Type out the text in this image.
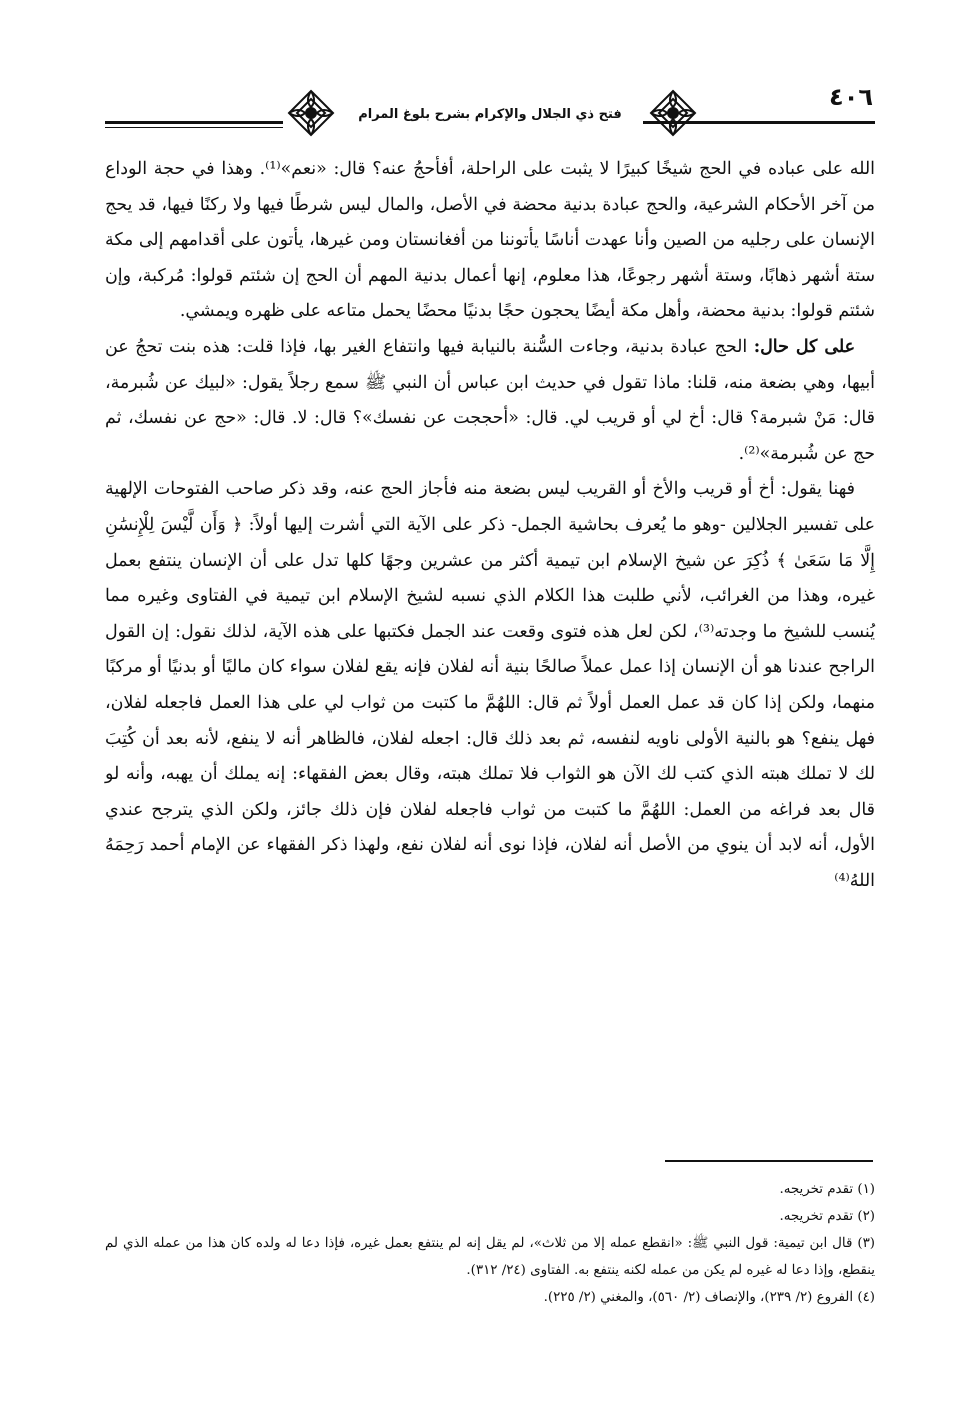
٤٠٦
فتح ذي الجلال والإكرام بشرح بلوغ المرام

الله على عباده في الحج شيخًا كبيرًا لا يثبت على الراحلة، أفأحجُ عنه؟ قال: «نعم»⁽¹⁾. وهذا في حجة الوداع من آخر الأحكام الشرعية، والحج عبادة بدنية محضة في الأصل، والمال ليس شرطًا فيها ولا ركنًا فيها، قد يحج الإنسان على رجليه من الصين وأنا عهدت أناسًا يأتوننا من أفغانستان ومن غيرها، يأتون على أقدامهم إلى مكة ستة أشهر ذهابًا، وستة أشهر رجوعًا، هذا معلوم، إنها أعمال بدنية المهم أن الحج إن شئتم قولوا: مُركبة، وإن شئتم قولوا: بدنية محضة، وأهل مكة أيضًا يحجون حجًا بدنيًا محضًا يحمل متاعه على ظهره ويمشي.

على كل حال: الحج عبادة بدنية، وجاءت السُّنة بالنيابة فيها وانتفاع الغير بها، فإذا قلت: هذه بنت تحجُ عن أبيها، وهي بضعة منه، قلنا: ماذا تقول في حديث ابن عباس أن النبي ﷺ سمع رجلاً يقول: «لبيك عن شُبرمة، قال: مَنْ شبرمة؟ قال: أخ لي أو قريب لي. قال: «أحججت عن نفسك»؟ قال: لا. قال: «حج عن نفسك، ثم حج عن شُبرمة»⁽²⁾.

فهنا يقول: أخ أو قريب والأخ أو القريب ليس بضعة منه فأجاز الحج عنه، وقد ذكر صاحب الفتوحات الإلهية على تفسير الجلالين -وهو ما يُعرف بحاشية الجمل- ذكر على الآية التي أشرت إليها أولاً: ﴿ وَأَن لَّيْسَ لِلْإِنسَٰنِ إِلَّا مَا سَعَىٰ ﴾ ذُكِرَ عن شيخ الإسلام ابن تيمية أكثر من عشرين وجهًا كلها تدل على أن الإنسان ينتفع بعمل غيره، وهذا من الغرائب، لأني طلبت هذا الكلام الذي نسبه لشيخ الإسلام ابن تيمية في الفتاوى وغيره مما يُنسب للشيخ ما وجدته⁽³⁾، لكن لعل هذه فتوى وقعت عند الجمل فكتبها على هذه الآية، لذلك نقول: إن القول الراجح عندنا هو أن الإنسان إذا عمل عملاً صالحًا بنية أنه لفلان فإنه يقع لفلان سواء كان ماليًا أو بدنيًا أو مركبًا منهما، ولكن إذا كان قد عمل العمل أولاً ثم قال: اللهُمَّ ما كتبت من ثواب لي على هذا العمل فاجعله لفلان، فهل ينفع؟ هو بالنية الأولى ناويه لنفسه، ثم بعد ذلك قال: اجعله لفلان، فالظاهر أنه لا ينفع، لأنه بعد أن كُتِبَ لك لا تملك هبته الذي كتب لك الآن هو الثواب فلا تملك هبته، وقال بعض الفقهاء: إنه يملك أن يهبه، وأنه لو قال بعد فراغه من العمل: اللهُمَّ ما كتبت من ثواب فاجعله لفلان فإن ذلك جائز، ولكن الذي يترجح عندي الأول، أنه لابد أن ينوي من الأصل أنه لفلان، فإذا نوى أنه لفلان نفع، ولهذا ذكر الفقهاء عن الإمام أحمد رَحِمَهُ اللهُ⁽⁴⁾

(١) تقدم تخريجه.

(٢) تقدم تخريجه.

(٣) قال ابن تيمية: قول النبي ﷺ: «انقطع عمله إلا من ثلاث»، لم يقل إنه لم ينتفع بعمل غيره، فإذا دعا له ولده كان هذا من عمله الذي لم ينقطع، وإذا دعا له غيره لم يكن من عمله لكنه ينتفع به. الفتاوى (٢٤/ ٣١٢).

(٤) الفروع (٢/ ٢٣٩)، والإنصاف (٢/ ٥٦٠)، والمغني (٢/ ٢٢٥).
